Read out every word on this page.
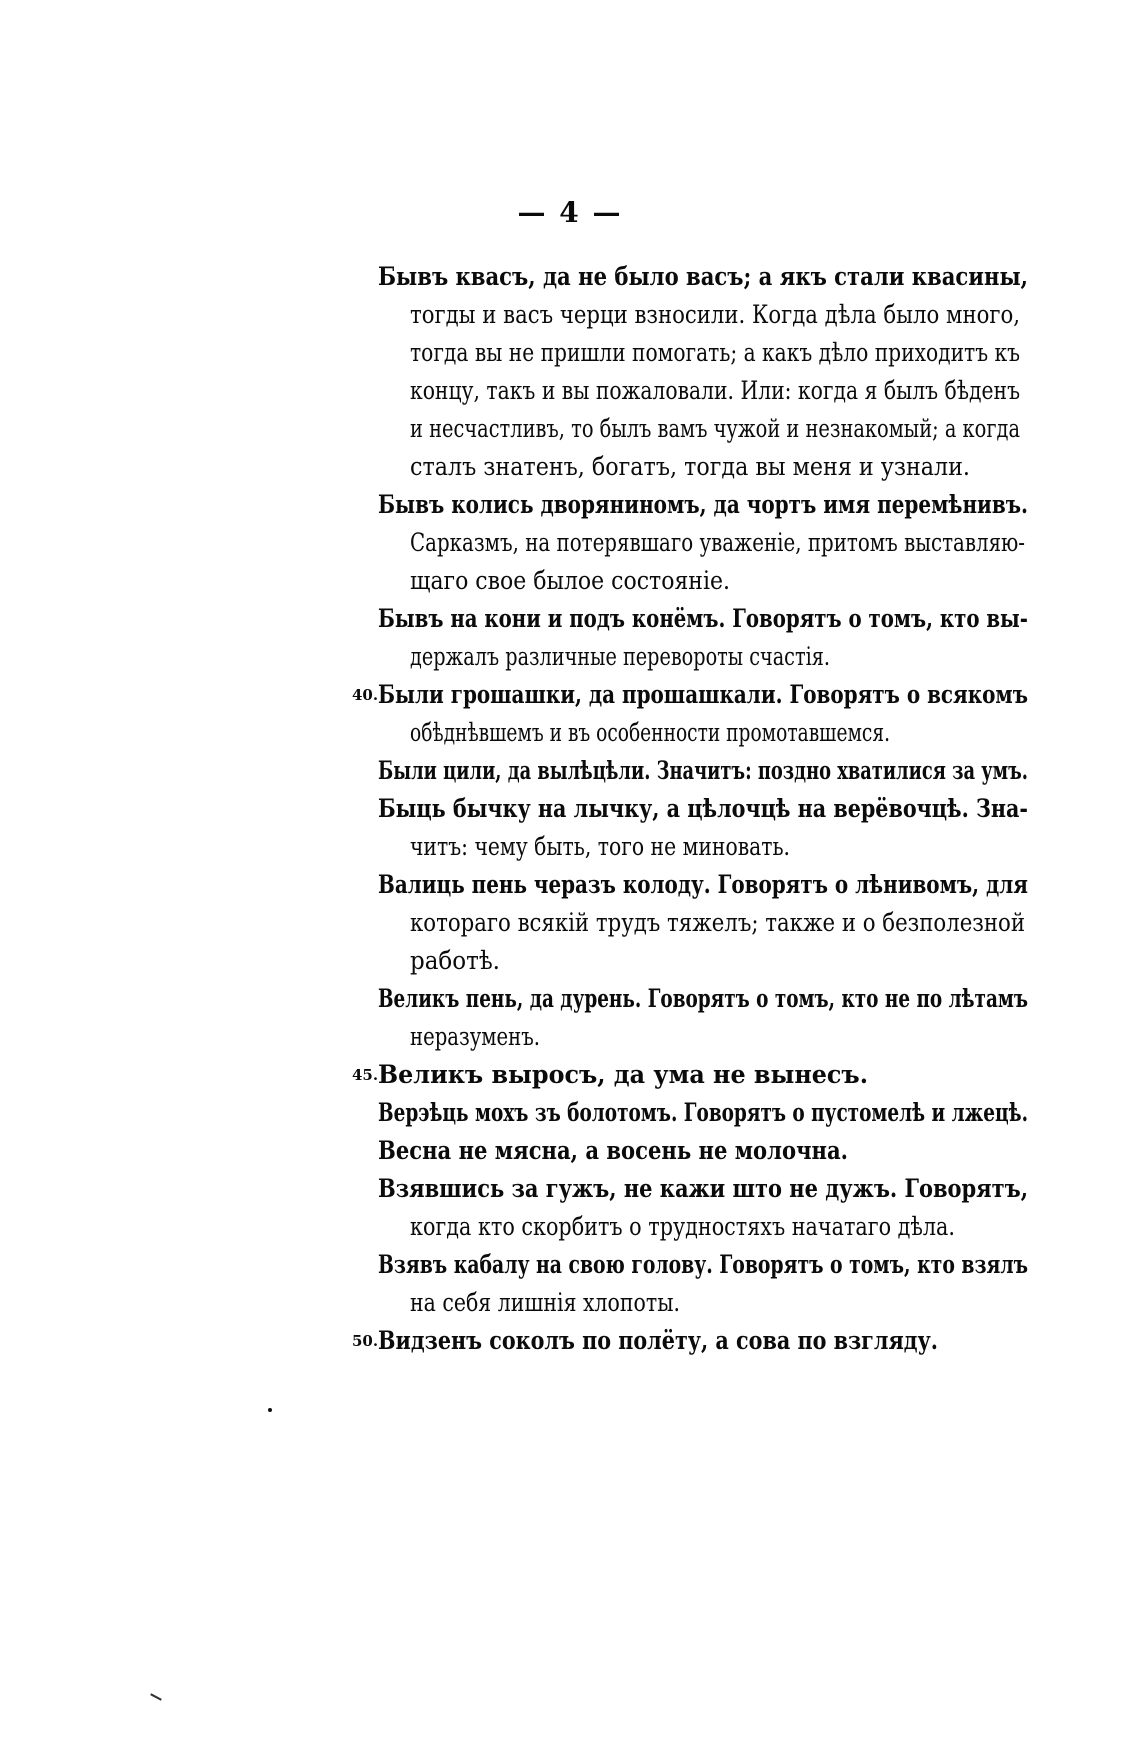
— 4 —
Бывъ квасъ, да не было васъ; а якъ стали квасины,
тогды и васъ черци взносили. Когда дѣла было много,
тогда вы не пришли помогать; а какъ дѣло приходитъ къ
концу, такъ и вы пожаловали. Или: когда я былъ бѣденъ
и несчастливъ, то былъ вамъ чужой и незнакомый; а когда
сталъ знатенъ, богатъ, тогда вы меня и узнали.
Бывъ колись дворяниномъ, да чортъ имя перемѣнивъ.
Сарказмъ, на потерявшаго уваженіе, притомъ выставляю-
щаго свое былое состояніе.
Бывъ на кони и подъ конёмъ. Говорятъ о томъ, кто вы-
держалъ различные перевороты счастія.
40. Были грошашки, да прошашкали. Говорятъ о всякомъ
обѣднѣвшемъ и въ особенности промотавшемся.
Были цили, да вылѣцѣли. Значитъ: поздно хватилися за умъ.
Быць бычку на лычку, а цѣлочцѣ на верёвочцѣ. Зна-
читъ: чему быть, того не миновать.
Валиць пень черазъ колоду. Говорятъ о лѣнивомъ, для
котораго всякій трудъ тяжелъ; также и о безполезной
работѣ.
Великъ пень, да дурень. Говорятъ о томъ, кто не по лѣтамъ
неразуменъ.
45. Великъ выросъ, да ума не вынесъ.
Верэѣць мохъ зъ болотомъ. Говорятъ о пустомелѣ и лжецѣ.
Весна не мясна, а восень не молочна.
Взявшись за гужъ, не кажи што не дужъ. Говорятъ,
когда кто скорбитъ о трудностяхъ начатаго дѣла.
Взявъ кабалу на свою голову. Говорятъ о томъ, кто взялъ
на себя лишнія хлопоты.
50. Видзенъ соколъ по полёту, а сова по взгляду.
